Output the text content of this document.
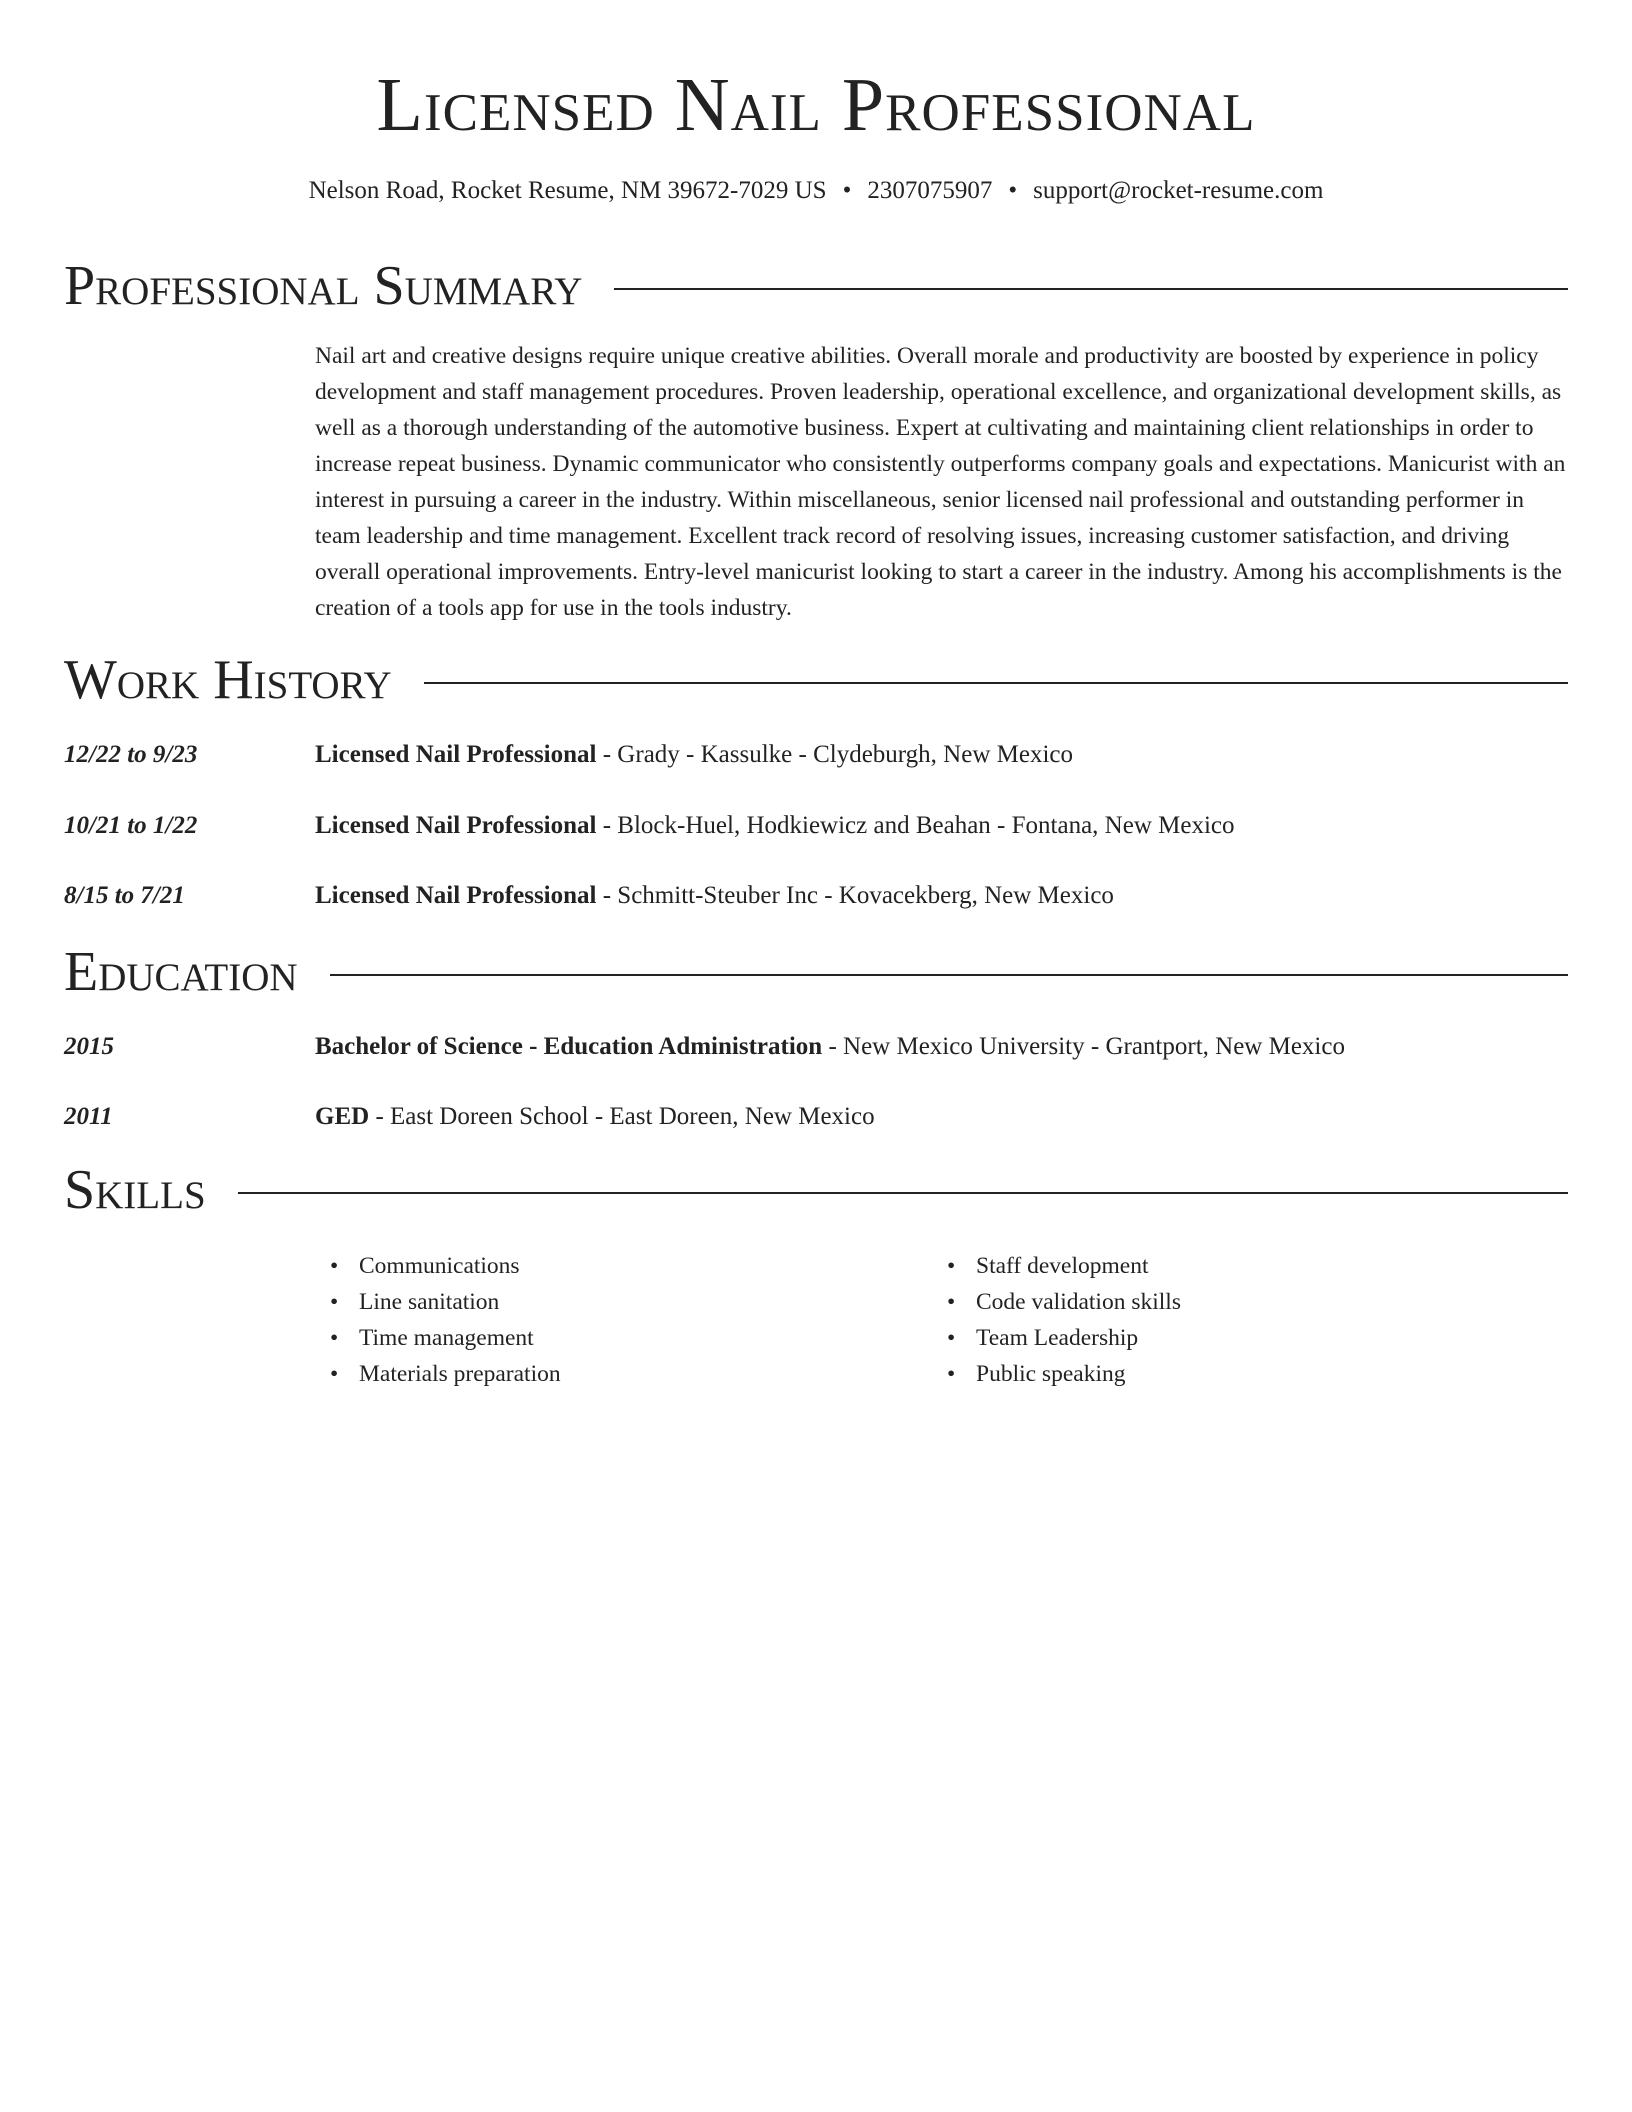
Licensed Nail Professional
Nelson Road, Rocket Resume, NM 39672-7029 US • 2307075907 • support@rocket-resume.com
Professional Summary

Nail art and creative designs require unique creative abilities. Overall morale and productivity are boosted by experience in policy development and staff management procedures. Proven leadership, operational excellence, and organizational development skills, as well as a thorough understanding of the automotive business. Expert at cultivating and maintaining client relationships in order to increase repeat business. Dynamic communicator who consistently outperforms company goals and expectations. Manicurist with an interest in pursuing a career in the industry. Within miscellaneous, senior licensed nail professional and outstanding performer in team leadership and time management. Excellent track record of resolving issues, increasing customer satisfaction, and driving overall operational improvements. Entry-level manicurist looking to start a career in the industry. Among his accomplishments is the creation of a tools app for use in the tools industry.

Work History
12/22 to 9/23	Licensed Nail Professional - Grady - Kassulke - Clydeburgh, New Mexico
10/21 to 1/22	Licensed Nail Professional - Block-Huel, Hodkiewicz and Beahan - Fontana, New Mexico
8/15 to 7/21	Licensed Nail Professional - Schmitt-Steuber Inc - Kovacekberg, New Mexico
Education
2015	Bachelor of Science - Education Administration - New Mexico University - Grantport, New Mexico
2011	GED - East Doreen School - East Doreen, New Mexico
Skills
• Communications
• Line sanitation
• Time management
• Materials preparation
• Staff development
• Code validation skills
• Team Leadership
• Public speaking
